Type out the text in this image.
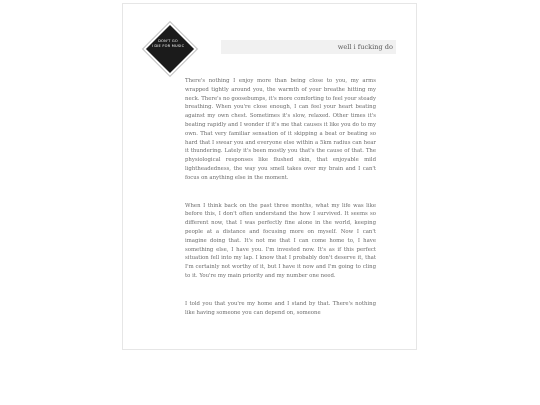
DON'T GO
I DIE FOR MUSIC	well i fucking do

There's nothing I enjoy more than being close to you, my arms wrapped tightly around you, the warmth of your breathe hitting my neck. There's no goosebumps, it's more comforting to feel your steady breathing. When you're close enough, I can feel your heart beating against my own chest. Sometimes it's slow, relaxed. Other times it's beating rapidly and I wonder if it's me that causes it like you do to my own. That very familiar sensation of it skipping a beat or beating so hard that I swear you and everyone else within a 5km radius can hear it thundering. Lately it's been mostly you that's the cause of that. The physiological responses like flushed skin, that enjoyable mild lightheadedness, the way you smell takes over my brain and I can't focus on anything else in the moment.

When I think back on the past three months, what my life was like before this, I don't often understand the how I survived. It seems so different now, that I was perfectly fine alone in the world, keeping people at a distance and focusing more on myself. Now I can't imagine doing that. It's not me that I can come home to, I have something else, I have you. I'm invested now. It's as if this perfect situation fell into my lap. I know that I probably don't deserve it, that I'm certainly not worthy of it, but I have it now and I'm going to cling to it. You're my main priority and my number one need.

I told you that you're my home and I stand by that. There's nothing like having someone you can depend on, someone
